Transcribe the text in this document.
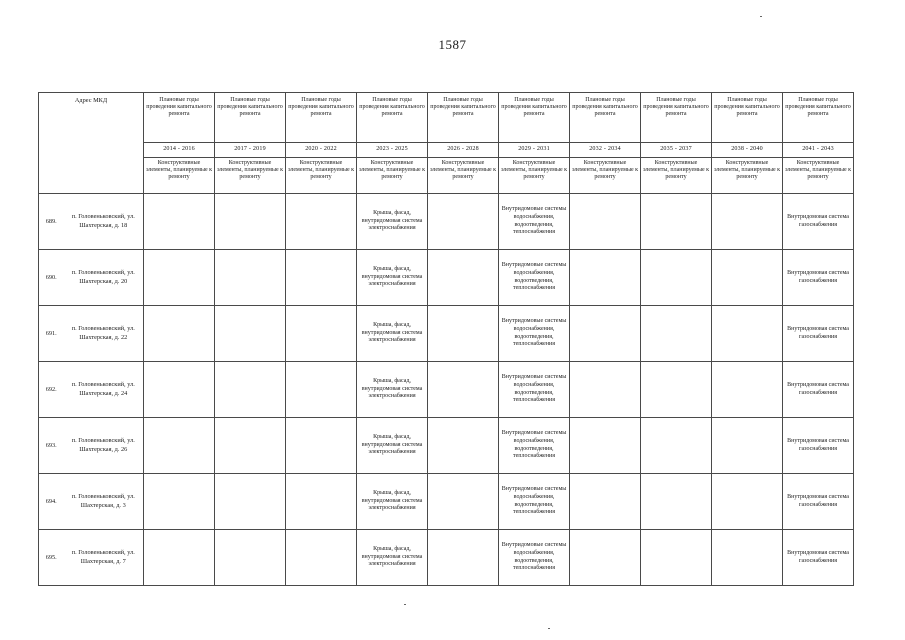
1587
Адрес МКД		Плановые годы проведения капитального ремонта	Плановые годы проведения капитального ремонта	Плановые годы проведения капитального ремонта	Плановые годы проведения капитального ремонта	Плановые годы проведения капитального ремонта	Плановые годы проведения капитального ремонта	Плановые годы проведения капитального ремонта	Плановые годы проведения капитального ремонта	Плановые годы проведения капитального ремонта	Плановые годы проведения капитального ремонта
		2014 - 2016	2017 - 2019	2020 - 2022	2023 - 2025	2026 - 2028	2029 - 2031	2032 - 2034	2035 - 2037	2038 - 2040	2041 - 2043
		Конструктивные элементы, планируемые к ремонту	Конструктивные элементы, планируемые к ремонту	Конструктивные элементы, планируемые к ремонту	Конструктивные элементы, планируемые к ремонту	Конструктивные элементы, планируемые к ремонту	Конструктивные элементы, планируемые к ремонту	Конструктивные элементы, планируемые к ремонту	Конструктивные элементы, планируемые к ремонту	Конструктивные элементы, планируемые к ремонту	Конструктивные элементы, планируемые к ремонту
689.	п. Головеньковский, ул. Шахтерская, д. 18				Крыша, фасад, внутридомовая система электроснабжения		Внутридомовые системы водоснабжения, водоотведения, теплоснабжения				Внутридомовая система газоснабжения
690.	п. Головеньковский, ул. Шахтерская, д. 20				Крыша, фасад, внутридомовая система электроснабжения		Внутридомовые системы водоснабжения, водоотведения, теплоснабжения				Внутридомовая система газоснабжения
691.	п. Головеньковский, ул. Шахтерская, д. 22				Крыша, фасад, внутридомовая система электроснабжения		Внутридомовые системы водоснабжения, водоотведения, теплоснабжения				Внутридомовая система газоснабжения
692.	п. Головеньковский, ул. Шахтерская, д. 24				Крыша, фасад, внутридомовая система электроснабжения		Внутридомовые системы водоснабжения, водоотведения, теплоснабжения				Внутридомовая система газоснабжения
693.	п. Головеньковский, ул. Шахтерская, д. 26				Крыша, фасад, внутридомовая система электроснабжения		Внутридомовые системы водоснабжения, водоотведения, теплоснабжения				Внутридомовая система газоснабжения
694.	п. Головеньковский, ул. Шахтерская, д. 3				Крыша, фасад, внутридомовая система электроснабжения		Внутридомовые системы водоснабжения, водоотведения, теплоснабжения				Внутридомовая система газоснабжения
695.	п. Головеньковский, ул. Шахтерская, д. 7				Крыша, фасад, внутридомовая система электроснабжения		Внутридомовые системы водоснабжения, водоотведения, теплоснабжения				Внутридомовая система газоснабжения
